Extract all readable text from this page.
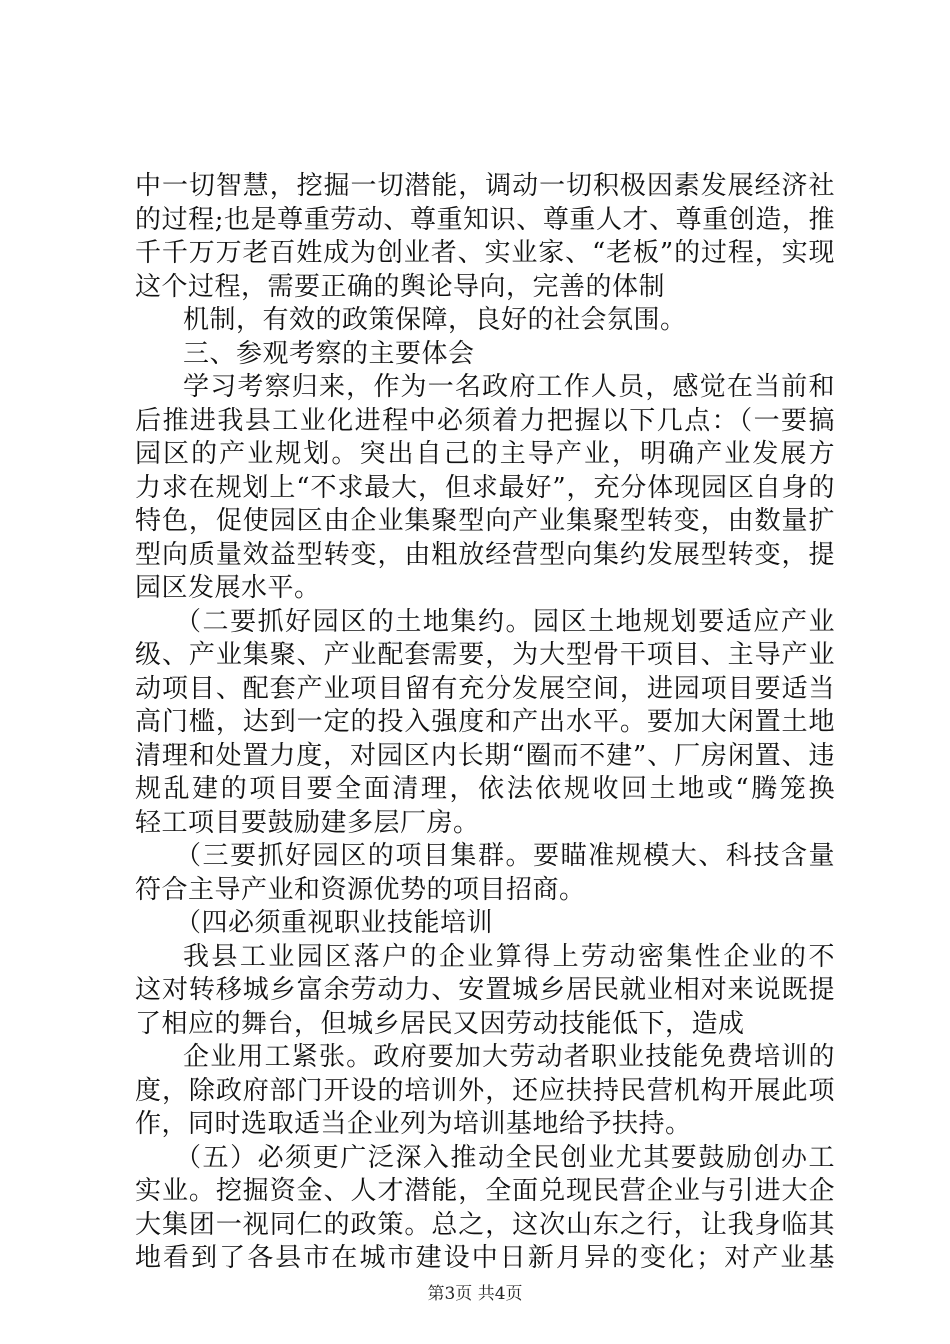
中一切智慧，挖掘一切潜能，调动一切积极因素发展经济社
的过程;也是尊重劳动、尊重知识、尊重人才、尊重创造，推
千千万万老百姓成为创业者、实业家、“老板”的过程，实现
这个过程，需要正确的舆论导向，完善的体制
机制，有效的政策保障，良好的社会氛围。
三、参观考察的主要体会
学习考察归来，作为一名政府工作人员，感觉在当前和
后推进我县工业化进程中必须着力把握以下几点：（一要搞
园区的产业规划。突出自己的主导产业，明确产业发展方
力求在规划上“不求最大，但求最好”，充分体现园区自身的
特色，促使园区由企业集聚型向产业集聚型转变，由数量扩
型向质量效益型转变，由粗放经营型向集约发展型转变，提
园区发展水平。
（二要抓好园区的土地集约。园区土地规划要适应产业
级、产业集聚、产业配套需要，为大型骨干项目、主导产业
动项目、配套产业项目留有充分发展空间，进园项目要适当
高门槛，达到一定的投入强度和产出水平。要加大闲置土地
清理和处置力度，对园区内长期“圈而不建”、厂房闲置、违
规乱建的项目要全面清理，依法依规收回土地或“腾笼换
轻工项目要鼓励建多层厂房。
（三要抓好园区的项目集群。要瞄准规模大、科技含量
符合主导产业和资源优势的项目招商。
（四必须重视职业技能培训
我县工业园区落户的企业算得上劳动密集性企业的不
这对转移城乡富余劳动力、安置城乡居民就业相对来说既提
了相应的舞台，但城乡居民又因劳动技能低下，造成
企业用工紧张。政府要加大劳动者职业技能免费培训的
度，除政府部门开设的培训外，还应扶持民营机构开展此项
作，同时选取适当企业列为培训基地给予扶持。
（五）必须更广泛深入推动全民创业尤其要鼓励创办工
实业。挖掘资金、人才潜能，全面兑现民营企业与引进大企
大集团一视同仁的政策。总之，这次山东之行，让我身临其
地看到了各县市在城市建设中日新月异的变化；对产业基
第3页 共4页
